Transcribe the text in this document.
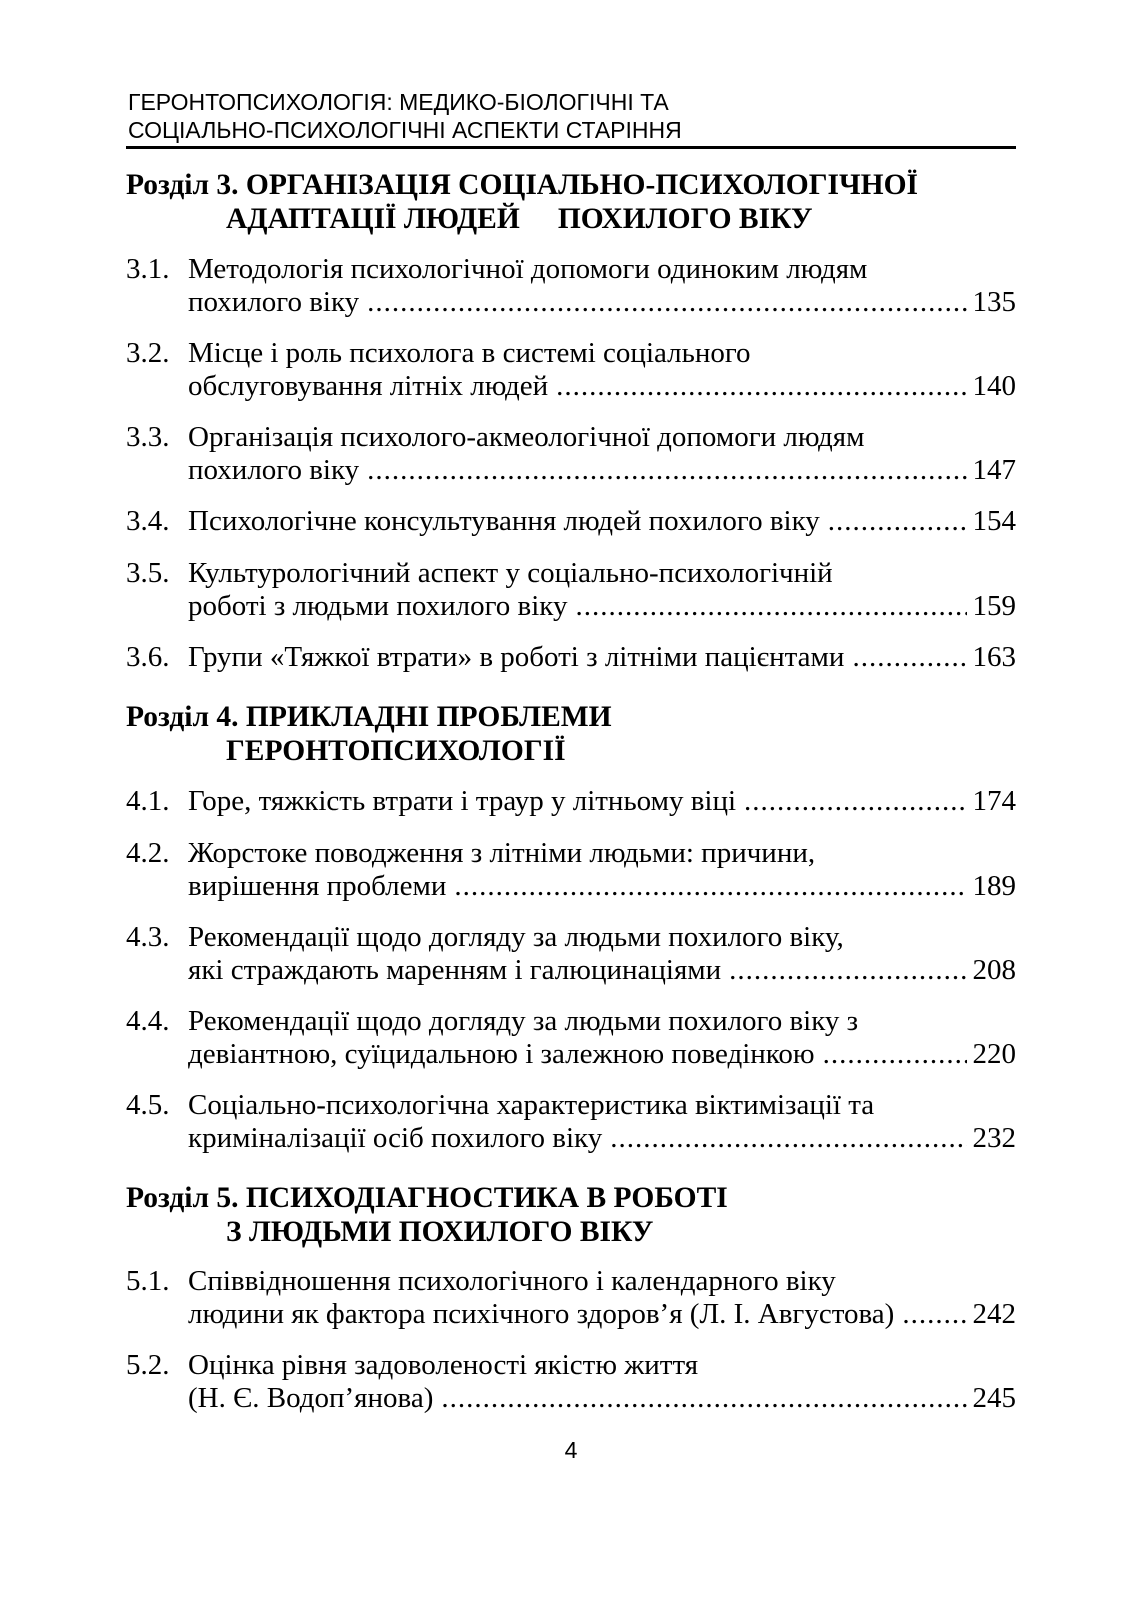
ГЕРОНТОПСИХОЛОГІЯ: МЕДИКО-БІОЛОГІЧНІ ТА
СОЦІАЛЬНО-ПСИХОЛОГІЧНІ АСПЕКТИ СТАРІННЯ
Розділ 3. ОРГАНІЗАЦІЯ СОЦІАЛЬНО-ПСИХОЛОГІЧНОЇ
АДАПТАЦІЇ ЛЮДЕЙ ПОХИЛОГО ВІКУ
3.1. Методологія психологічної допомоги одиноким людям
похилого віку .....	135
3.2. Місце і роль психолога в системі соціального
обслуговування літніх людей .....	140
3.3. Організація психолого-акмеологічної допомоги людям
похилого віку .....	147
3.4. Психологічне консультування людей похилого віку .....	154
3.5. Культурологічний аспект у соціально-психологічній
роботі з людьми похилого віку .....	159
3.6. Групи «Тяжкої втрати» в роботі з літніми пацієнтами .....	163
Розділ 4. ПРИКЛАДНІ ПРОБЛЕМИ
ГЕРОНТОПСИХОЛОГІЇ
4.1. Горе, тяжкість втрати і траур у літньому віці .....	174
4.2. Жорстоке поводження з літніми людьми: причини,
вирішення проблеми .....	189
4.3. Рекомендації щодо догляду за людьми похилого віку,
які страждають маренням і галюцинаціями .....	208
4.4. Рекомендації щодо догляду за людьми похилого віку з
девіантною, суїцидальною і залежною поведінкою .....	220
4.5. Соціально-психологічна характеристика віктимізації та
криміналізації осіб похилого віку .....	232
Розділ 5. ПСИХОДІАГНОСТИКА В РОБОТІ
З ЛЮДЬМИ ПОХИЛОГО ВІКУ
5.1. Співвідношення психологічного і календарного віку
людини як фактора психічного здоров’я (Л. І. Августова) .....	242
5.2. Оцінка рівня задоволеності якістю життя
(Н. Є. Водоп’янова) .....	245
4
